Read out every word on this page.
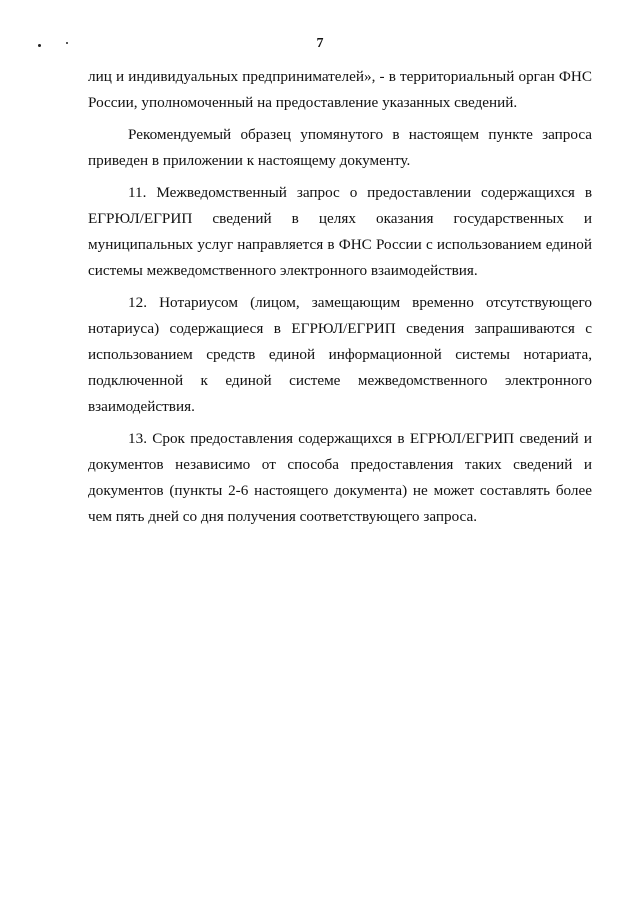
7
лиц и индивидуальных предпринимателей», - в территориальный орган ФНС
России, уполномоченный на предоставление указанных сведений.
Рекомендуемый образец упомянутого в настоящем пункте запроса
приведен в приложении к настоящему документу.
11. Межведомственный запрос о предоставлении содержащихся в
ЕГРЮЛ/ЕГРИП сведений в целях оказания государственных и
муниципальных услуг направляется в ФНС России с использованием единой
системы межведомственного электронного взаимодействия.
12. Нотариусом (лицом, замещающим временно отсутствующего
нотариуса) содержащиеся в ЕГРЮЛ/ЕГРИП сведения запрашиваются с
использованием средств единой информационной системы нотариата,
подключенной к единой системе межведомственного электронного
взаимодействия.
13. Срок предоставления содержащихся в ЕГРЮЛ/ЕГРИП сведений и
документов независимо от способа предоставления таких сведений и
документов (пункты 2-6 настоящего документа) не может составлять более
чем пять дней со дня получения соответствующего запроса.
